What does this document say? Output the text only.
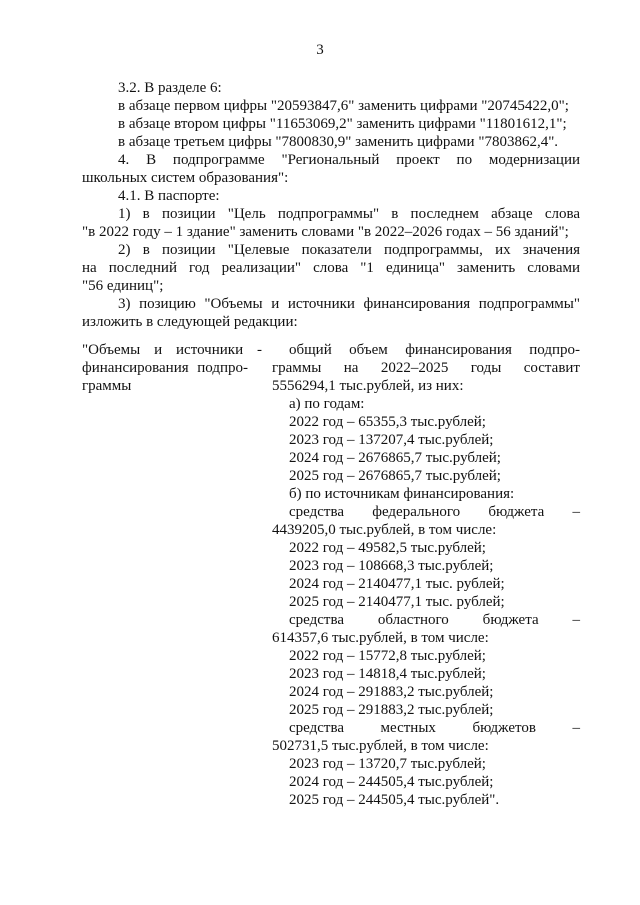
3
3.2. В разделе 6:
в абзаце первом цифры "20593847,6" заменить цифрами "20745422,0";
в абзаце втором цифры "11653069,2" заменить цифрами "11801612,1";
в абзаце третьем цифры "7800830,9" заменить цифрами "7803862,4".
4. В подпрограмме "Региональный проект по модернизации
школьных систем образования":
4.1. В паспорте:
1) в позиции "Цель подпрограммы" в последнем абзаце слова
"в 2022 году – 1 здание" заменить словами "в 2022–2026 годах – 56 зданий";
2) в позиции "Целевые показатели подпрограммы, их значения
на последний год реализации" слова "1 единица" заменить словами
"56 единиц";
3) позицию "Объемы и источники финансирования подпрограммы"
изложить в следующей редакции:
"Объемы и источники -
финансирования подпро-
граммы
общий объем финансирования подпро-
граммы на 2022–2025 годы составит
5556294,1 тыс.рублей, из них:
а) по годам:
2022 год – 65355,3 тыс.рублей;
2023 год – 137207,4 тыс.рублей;
2024 год – 2676865,7 тыс.рублей;
2025 год – 2676865,7 тыс.рублей;
б) по источникам финансирования:
средства федерального бюджета –
4439205,0 тыс.рублей, в том числе:
2022 год – 49582,5 тыс.рублей;
2023 год – 108668,3 тыс.рублей;
2024 год – 2140477,1 тыс. рублей;
2025 год – 2140477,1 тыс. рублей;
средства областного бюджета –
614357,6 тыс.рублей, в том числе:
2022 год – 15772,8 тыс.рублей;
2023 год – 14818,4 тыс.рублей;
2024 год – 291883,2 тыс.рублей;
2025 год – 291883,2 тыс.рублей;
средства местных бюджетов –
502731,5 тыс.рублей, в том числе:
2023 год – 13720,7 тыс.рублей;
2024 год – 244505,4 тыс.рублей;
2025 год – 244505,4 тыс.рублей".
